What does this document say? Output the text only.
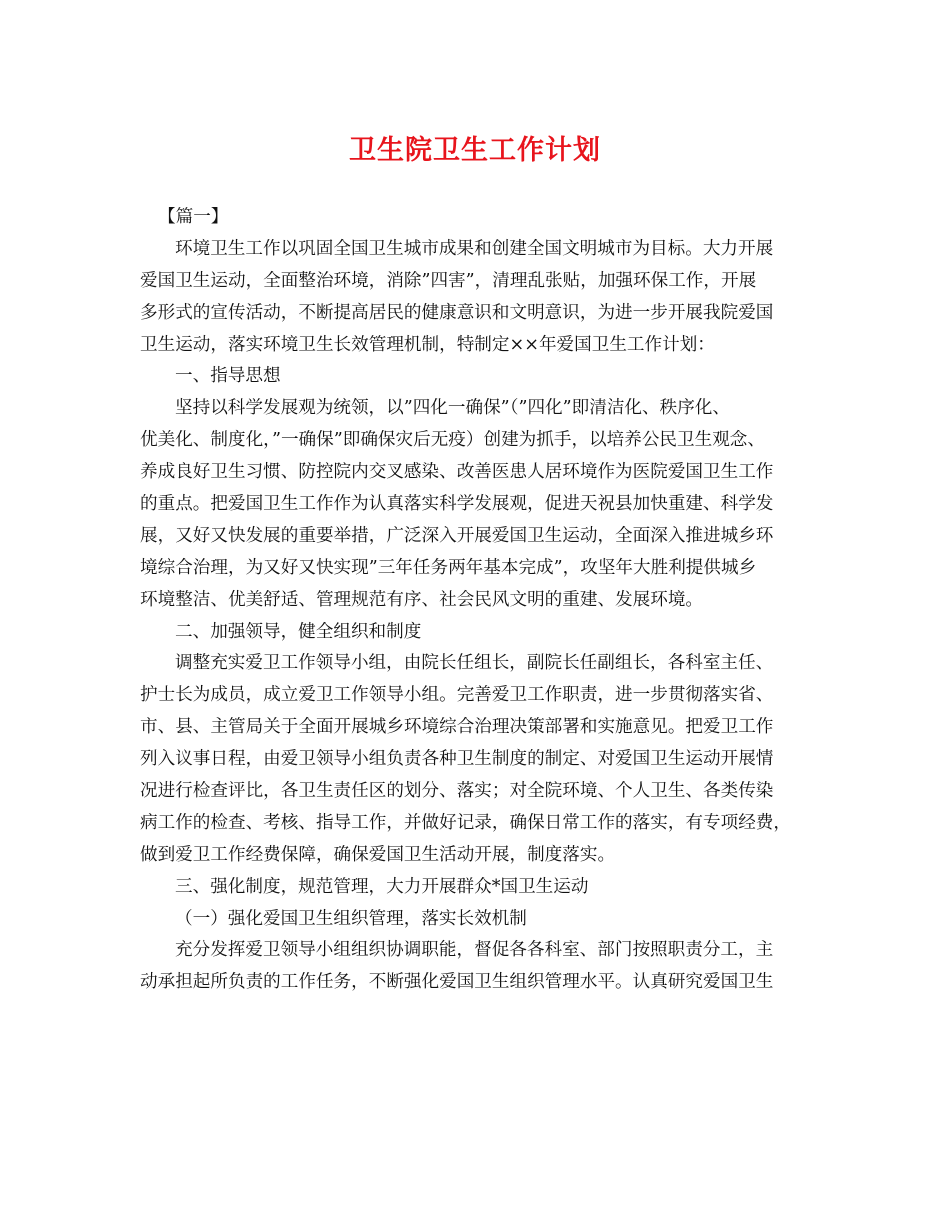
卫生院卫生工作计划
【篇一】
环境卫生工作以巩固全国卫生城市成果和创建全国文明城市为目标。大力开展
爱国卫生运动，全面整治环境，消除”四害”，清理乱张贴，加强环保工作，开展
多形式的宣传活动，不断提高居民的健康意识和文明意识，为进一步开展我院爱国
卫生运动，落实环境卫生长效管理机制，特制定××年爱国卫生工作计划：
一、指导思想
坚持以科学发展观为统领，以”四化一确保”（”四化”即清洁化、秩序化、
优美化、制度化，”一确保”即确保灾后无疫）创建为抓手，以培养公民卫生观念、
养成良好卫生习惯、防控院内交叉感染、改善医患人居环境作为医院爱国卫生工作
的重点。把爱国卫生工作作为认真落实科学发展观，促进天祝县加快重建、科学发
展，又好又快发展的重要举措，广泛深入开展爱国卫生运动，全面深入推进城乡环
境综合治理，为又好又快实现”三年任务两年基本完成”，攻坚年大胜利提供城乡
环境整洁、优美舒适、管理规范有序、社会民风文明的重建、发展环境。
二、加强领导，健全组织和制度
调整充实爱卫工作领导小组，由院长任组长，副院长任副组长，各科室主任、
护士长为成员，成立爱卫工作领导小组。完善爱卫工作职责，进一步贯彻落实省、
市、县、主管局关于全面开展城乡环境综合治理决策部署和实施意见。把爱卫工作
列入议事日程，由爱卫领导小组负责各种卫生制度的制定、对爱国卫生运动开展情
况进行检查评比，各卫生责任区的划分、落实；对全院环境、个人卫生、各类传染
病工作的检查、考核、指导工作，并做好记录，确保日常工作的落实，有专项经费，
做到爱卫工作经费保障，确保爱国卫生活动开展，制度落实。
三、强化制度，规范管理，大力开展群众*国卫生运动
（一）强化爱国卫生组织管理，落实长效机制
充分发挥爱卫领导小组组织协调职能，督促各各科室、部门按照职责分工，主
动承担起所负责的工作任务，不断强化爱国卫生组织管理水平。认真研究爱国卫生
